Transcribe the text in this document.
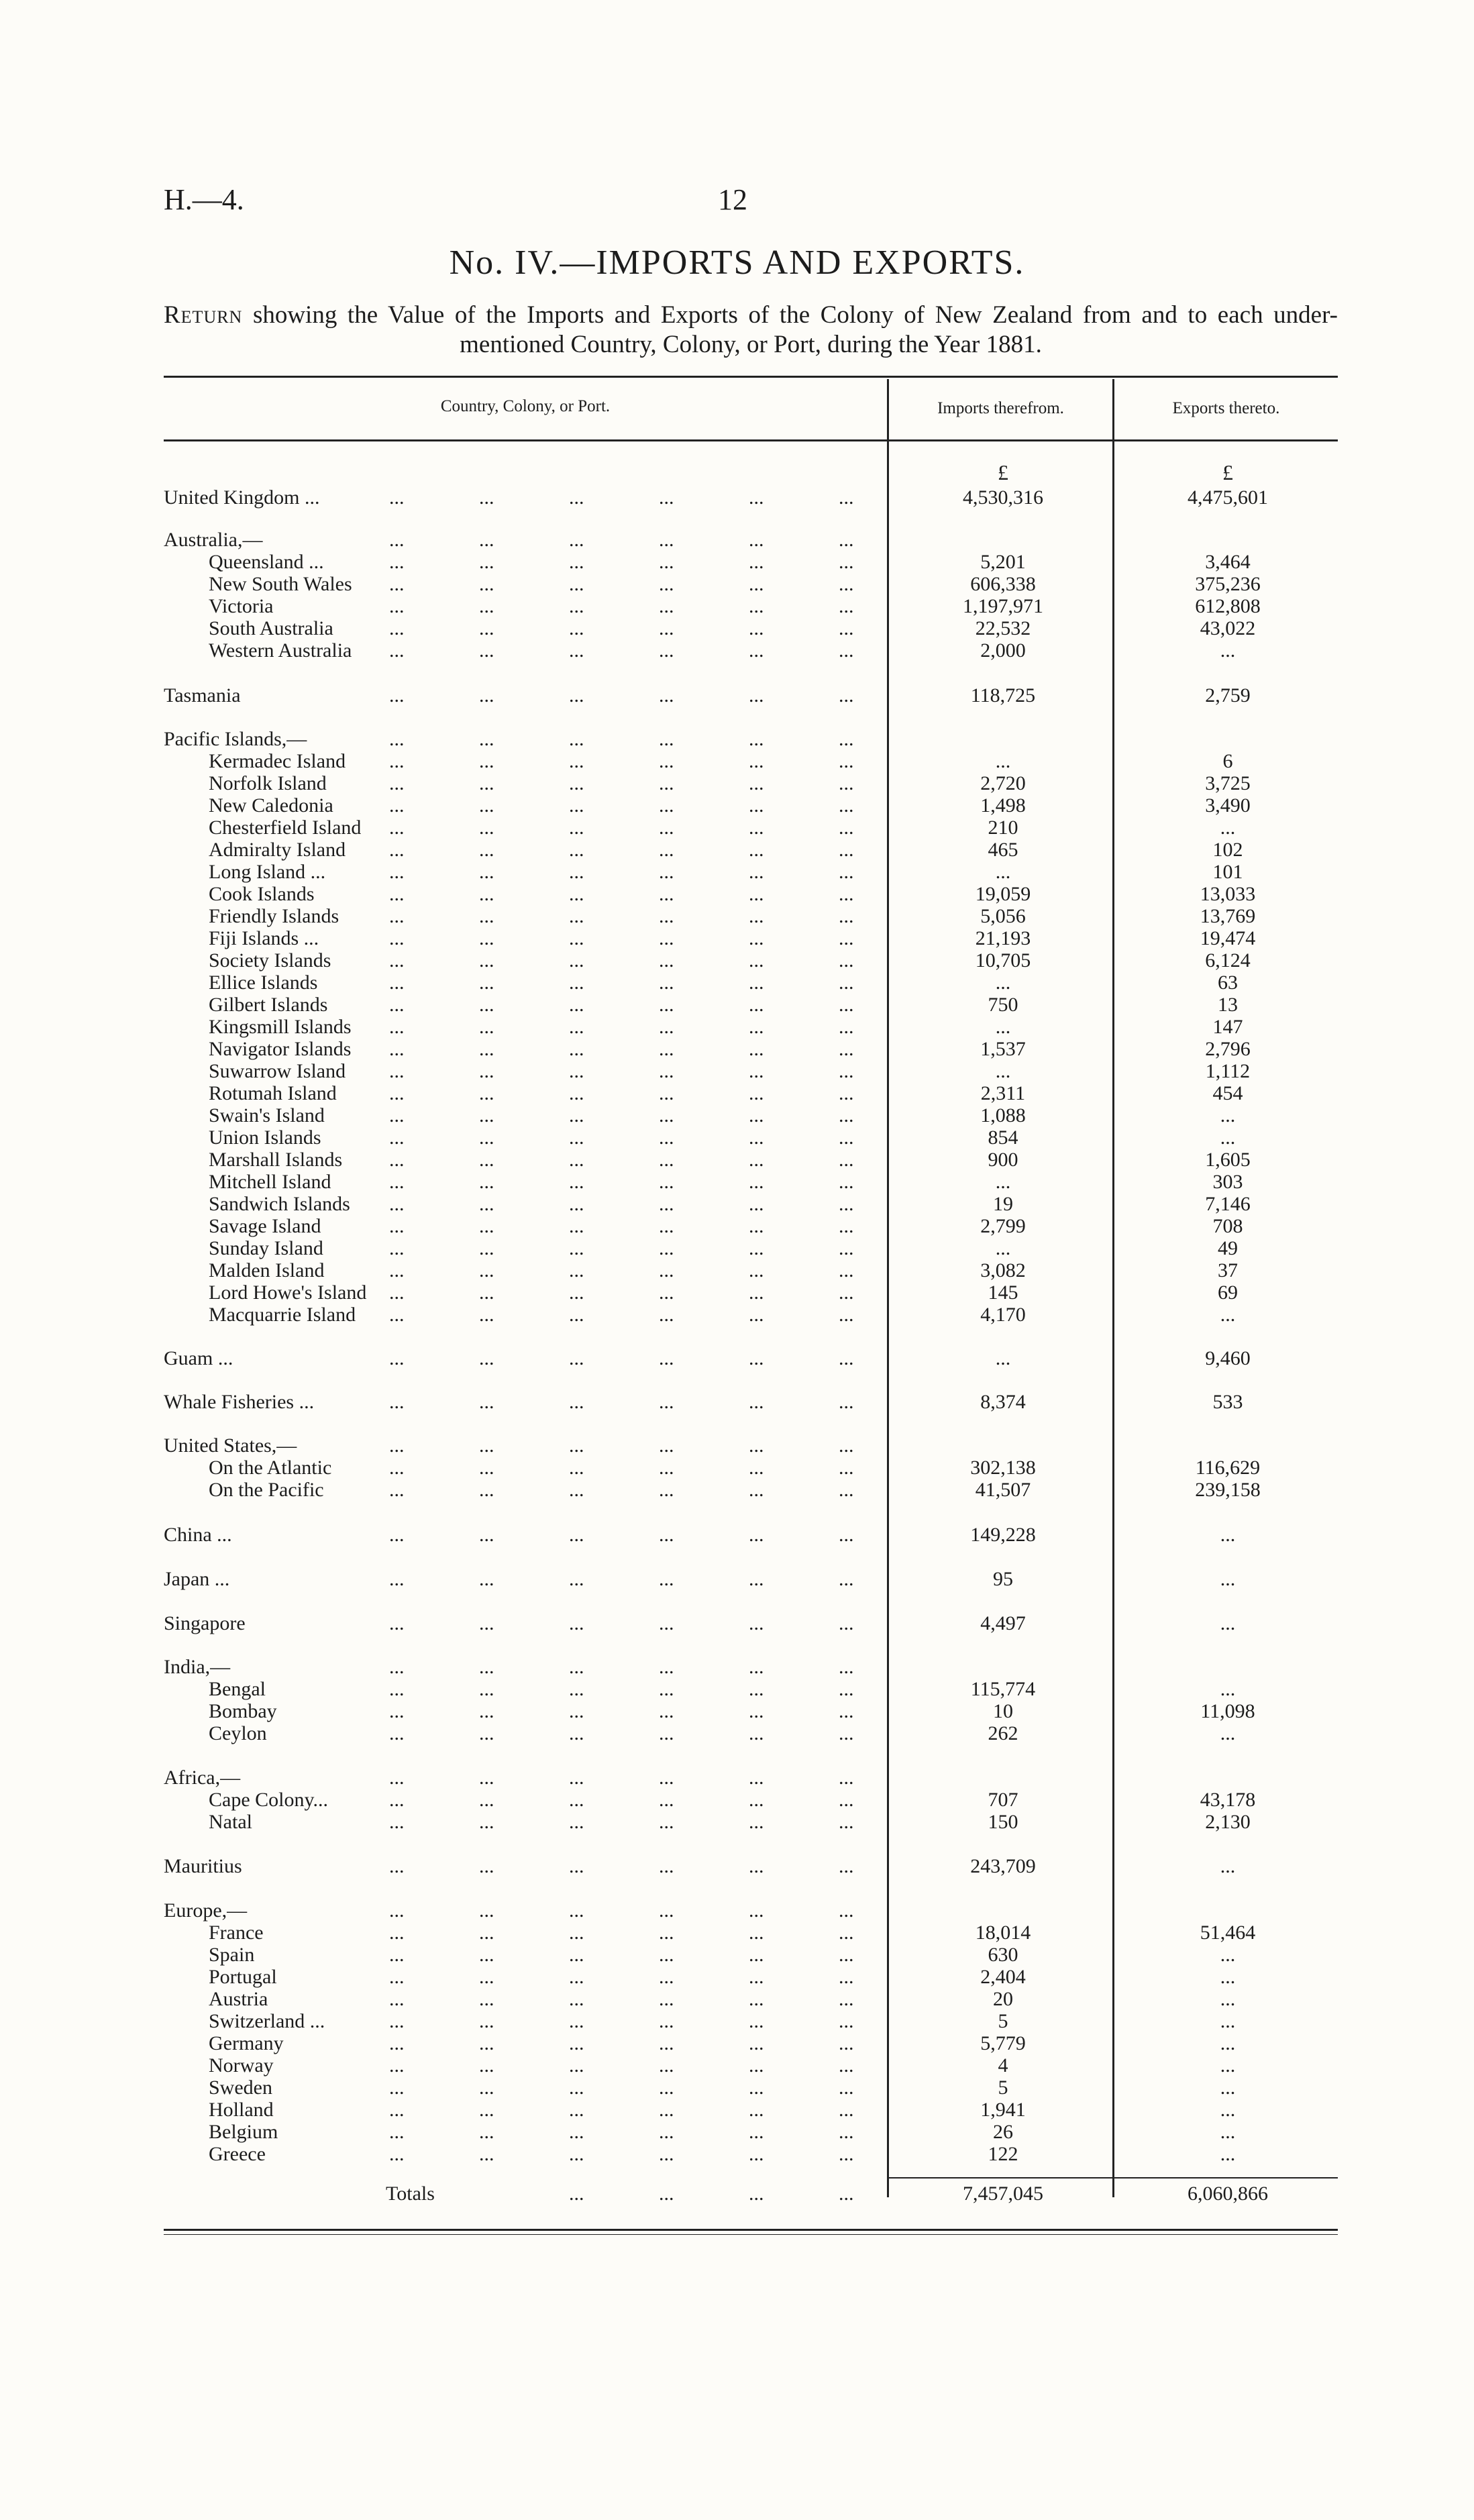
H.—4.	12
No. IV.—IMPORTS AND EXPORTS.
Return showing the Value of the Imports and Exports of the Colony of New Zealand from and to each under-mentioned Country, Colony, or Port, during the Year 1881.
Country, Colony, or Port.	Imports therefrom.	Exports thereto.
£	£
United Kingdom ...	...	...	...	...	...	...	4,530,316	4,475,601
Australia,—	...	...	...	...	...	...
Queensland ...	...	...	...	...	...	...	5,201	3,464
New South Wales ...	...	...	...	...	...	606,338	375,236
Victoria	...	...	...	...	...	...	1,197,971	612,808
South Australia	...	...	...	...	...	...	22,532	43,022
Western Australia ...	...	...	...	...	...	2,000	...
Tasmania	...	...	...	...	...	...	118,725	2,759
Pacific Islands,—	...	...	...	...	...	...
Kermadec Island ...	...	...	...	...	...	...	6
Norfolk Island	...	...	...	...	...	...	2,720	3,725
New Caledonia	...	...	...	...	...	...	1,498	3,490
Chesterfield Island ...	...	...	...	...	...	210	...
Admiralty Island ...	...	...	...	...	...	465	102
Long Island ...	...	...	...	...	...	...	...	101
Cook Islands	...	...	...	...	...	...	19,059	13,033
Friendly Islands ...	...	...	...	...	...	5,056	13,769
Fiji Islands ...	...	...	...	...	...	...	21,193	19,474
Society Islands	...	...	...	...	...	...	10,705	6,124
Ellice Islands	...	...	...	...	...	...	...	63
Gilbert Islands	...	...	...	...	...	...	750	13
Kingsmill Islands ...	...	...	...	...	...	...	147
Navigator Islands ...	...	...	...	...	...	1,537	2,796
Suwarrow Island ...	...	...	...	...	...	...	1,112
Rotumah Island	...	...	...	...	...	...	2,311	454
Swain's Island	...	...	...	...	...	...	1,088	...
Union Islands	...	...	...	...	...	...	854	...
Marshall Islands ...	...	...	...	...	...	900	1,605
Mitchell Island	...	...	...	...	...	...	...	303
Sandwich Islands ...	...	...	...	...	...	19	7,146
Savage Island	...	...	...	...	...	...	2,799	708
Sunday Island	...	...	...	...	...	...	...	49
Malden Island	...	...	...	...	...	...	3,082	37
Lord Howe's Island ...	...	...	...	...	...	145	69
Macquarrie Island ...	...	...	...	...	...	4,170	...
Guam ...	...	...	...	...	...	...	...	9,460
Whale Fisheries ...	...	...	...	...	...	...	8,374	533
United States,—	...	...	...	...	...	...
On the Atlantic	...	...	...	...	...	...	302,138	116,629
On the Pacific	...	...	...	...	...	...	41,507	239,158
China ...	...	...	...	...	...	...	149,228	...
Japan ...	...	...	...	...	...	...	95	...
Singapore	...	...	...	...	...	...	4,497	...
India,—	...	...	...	...	...	...
Bengal	...	...	...	...	...	...	115,774	...
Bombay	...	...	...	...	...	...	10	11,098
Ceylon	...	...	...	...	...	...	262	...
Africa,—	...	...	...	...	...	...
Cape Colony...	...	...	...	...	...	...	707	43,178
Natal	...	...	...	...	...	...	150	2,130
Mauritius	...	...	...	...	...	...	243,709	...
Europe,—	...	...	...	...	...	...
France	...	...	...	...	...	...	18,014	51,464
Spain	...	...	...	...	...	...	630	...
Portugal	...	...	...	...	...	...	2,404	...
Austria	...	...	...	...	...	...	20	...
Switzerland ...	...	...	...	...	...	...	5	...
Germany	...	...	...	...	...	...	5,779	...
Norway	...	...	...	...	...	...	4	...
Sweden	...	...	...	...	...	...	5	...
Holland	...	...	...	...	...	...	1,941	...
Belgium	...	...	...	...	...	...	26	...
Greece	...	...	...	...	...	...	122	...
Totals	...	...	...	...	7,457,045	6,060,866
